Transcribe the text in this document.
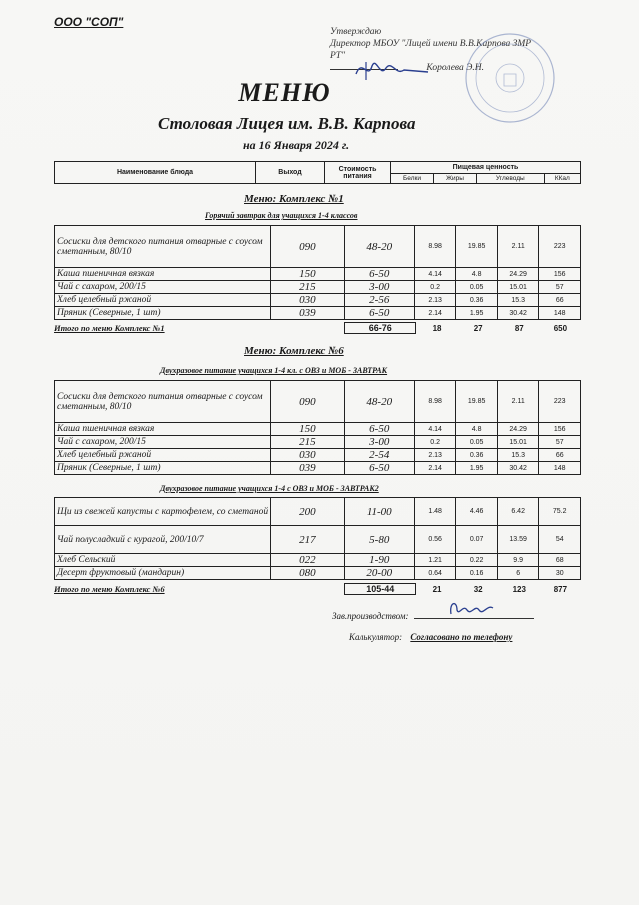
ООО "СОП"
Утверждаю
Директор МБОУ "Лицей имени В.В.Карпова ЗМР
РТ"
Королева Э.Н.
МЕНЮ
Столовая Лицея им. В.В. Карпова
на 16 Января 2024 г.
Наименование блюда	Выход	Стоимость питания	Пищевая ценность			
			Белки	Жиры	Углеводы	ККал
Меню: Комплекс №1
Горячий завтрак для учащихся 1-4 классов
Сосиски для детского питания отварные с соусом сметанным, 80/10	090	48-20	8.98	19.85	2.11	223
Каша пшеничная вязкая	150	6-50	4.14	4.8	24.29	156
Чай с сахаром, 200/15	215	3-00	0.2	0.05	15.01	57
Хлеб целебный ржаной	030	2-56	2.13	0.36	15.3	66
Пряник (Северные, 1 шт)	039	6-50	2.14	1.95	30.42	148
Итого по меню Комплекс №1	66-76	18	27	87	650
Меню: Комплекс №6
Двухразовое питание учащихся 1-4 кл. с ОВЗ и МОБ - ЗАВТРАК
Сосиски для детского питания отварные с соусом сметанным, 80/10	090	48-20	8.98	19.85	2.11	223
Каша пшеничная вязкая	150	6-50	4.14	4.8	24.29	156
Чай с сахаром, 200/15	215	3-00	0.2	0.05	15.01	57
Хлеб целебный ржаной	030	2-54	2.13	0.36	15.3	66
Пряник (Северные, 1 шт)	039	6-50	2.14	1.95	30.42	148
Двухразовое питание учащихся 1-4 с ОВЗ и МОБ - ЗАВТРАК2
Щи из свежей капусты с картофелем, со сметаной	200	11-00	1.48	4.46	6.42	75.2
Чай полусладкий с курагой, 200/10/7	217	5-80	0.56	0.07	13.59	54
Хлеб Сельский	022	1-90	1.21	0.22	9.9	68
Десерт фруктовый (мандарин)	080	20-00	0.64	0.16	6	30
Итого по меню Комплекс №6	105-44	21	32	123	877
Зав.производством:
Калькулятор: Согласовано по телефону
